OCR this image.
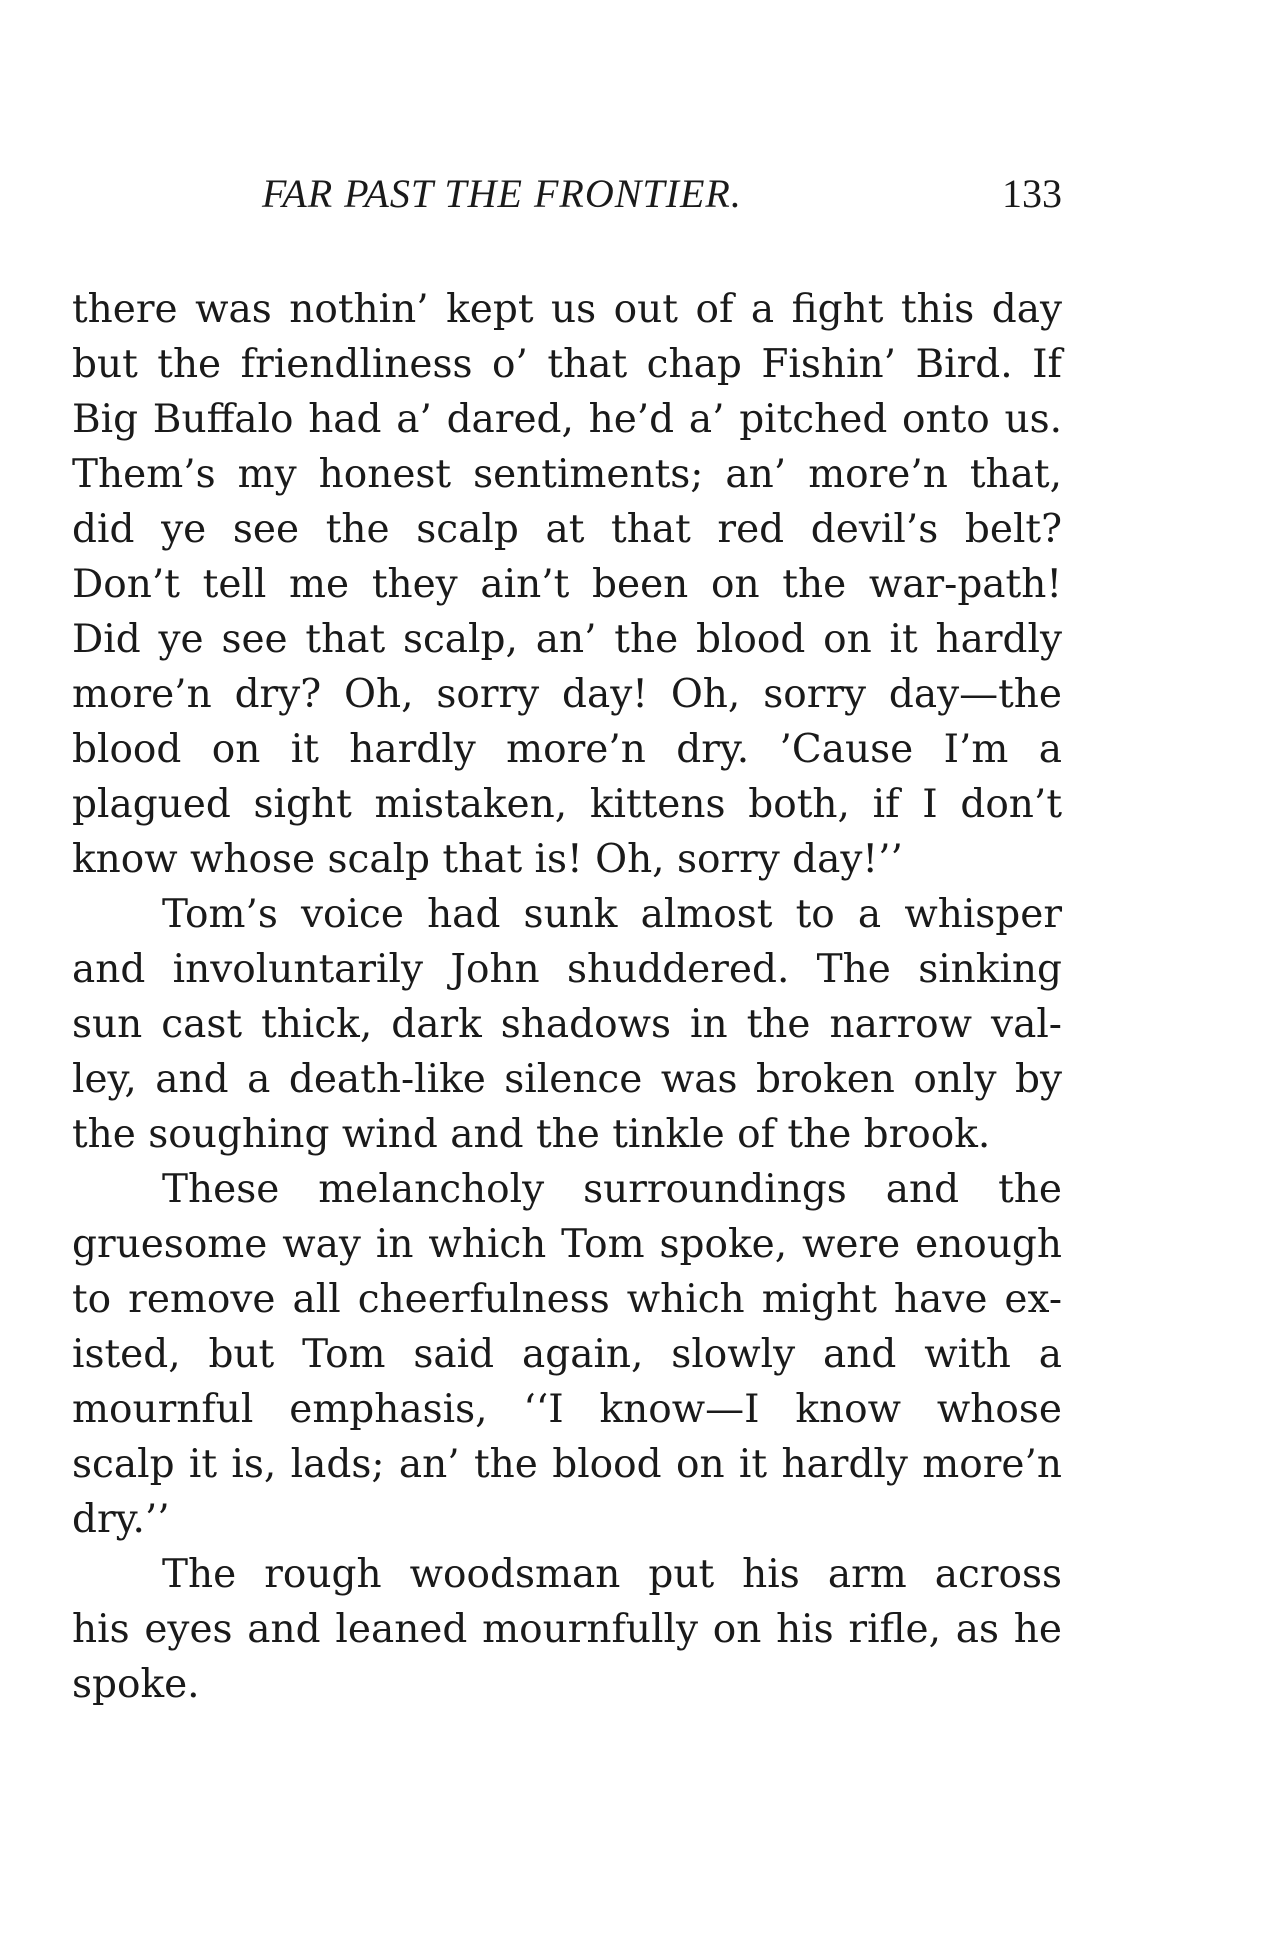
FAR PAST THE FRONTIER.	133
there was nothin’ kept us out of a fight this day
but the friendliness o’ that chap Fishin’ Bird. If
Big Buffalo had a’ dared, he’d a’ pitched onto us.
Them’s my honest sentiments; an’ more’n that,
did ye see the scalp at that red devil’s belt?
Don’t tell me they ain’t been on the war-path!
Did ye see that scalp, an’ the blood on it hardly
more’n dry? Oh, sorry day! Oh, sorry day—the
blood on it hardly more’n dry. ’Cause I’m a
plagued sight mistaken, kittens both, if I don’t
know whose scalp that is! Oh, sorry day!’’
Tom’s voice had sunk almost to a whisper
and involuntarily John shuddered. The sinking
sun cast thick, dark shadows in the narrow val-
ley, and a death-like silence was broken only by
the soughing wind and the tinkle of the brook.
These melancholy surroundings and the
gruesome way in which Tom spoke, were enough
to remove all cheerfulness which might have ex-
isted, but Tom said again, slowly and with a
mournful emphasis, ‘‘I know—I know whose
scalp it is, lads; an’ the blood on it hardly more’n
dry.’’
The rough woodsman put his arm across
his eyes and leaned mournfully on his rifle, as he
spoke.
